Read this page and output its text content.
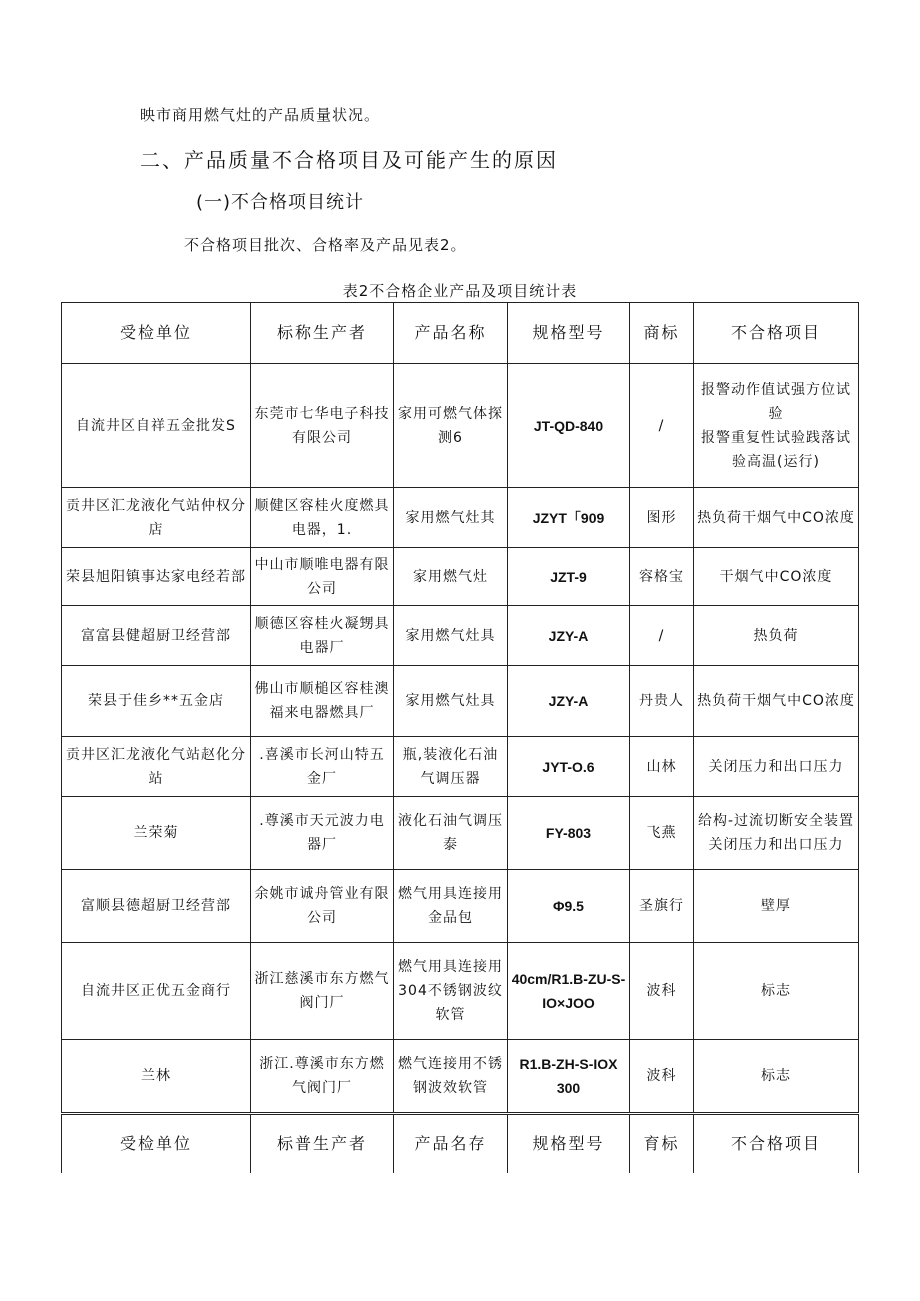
映市商用燃气灶的产品质量状况。
二、产品质量不合格项目及可能产生的原因
(一)不合格项目统计
不合格项目批次、合格率及产品见表2。
表2不合格企业产品及项目统计表
受检单位	标称生产者	产品名称	规格型号	商标	不合格项目
自流井区自祥五金批发S	东莞市七华电子科技有限公司	家用可燃气体探测6	JT-QD-840	/	报警动作值试强方位试验
报警重复性试验践落试验高温(运行)
贡井区汇龙液化气站仲权分店	顺健区容桂火度燃具电器，1.	家用燃气灶其	JZYT「909	图形	热负荷干烟气中CO浓度
荣县旭阳镇事达家电经若部	中山市顺唯电器有限公司	家用燃气灶	JZT-9	容格宝	干烟气中CO浓度
富富县健超厨卫经营部	顺德区容桂火凝甥具电器厂	家用燃气灶具	JZY-A	/	热负荷
荣县于佳乡**五金店	佛山市顺槌区容桂澳福来电器燃具厂	家用燃气灶具	JZY-A	丹贵人	热负荷干烟气中CO浓度
贡井区汇龙液化气站赵化分站	.喜溪市长河山特五金厂	瓶,装液化石油气调压器	JYT-O.6	山林	关闭压力和出口压力
兰荣菊	.尊溪市天元波力电器厂	液化石油气调压泰	FY-803	飞燕	给构-过流切断安全装置关闭压力和出口压力
富顺县德超厨卫经营部	余姚市诚舟管业有限公司	燃气用具连接用金品包	Φ9.5	圣旗行	壁厚
自流井区正优五金商行	浙江慈溪市东方燃气阀门厂	燃气用具连接用304不锈钢波纹软管	40cm/R1.B-ZU-S-IO×JOO	波科	标志
兰林	浙江.尊溪市东方燃气阀门厂	燃气连接用不锈钢波效软管	R1.B-ZH-S-IOX 300	波科	标志
受检单位	标普生产者	产品名存	规格型号	育标	不合格项目
